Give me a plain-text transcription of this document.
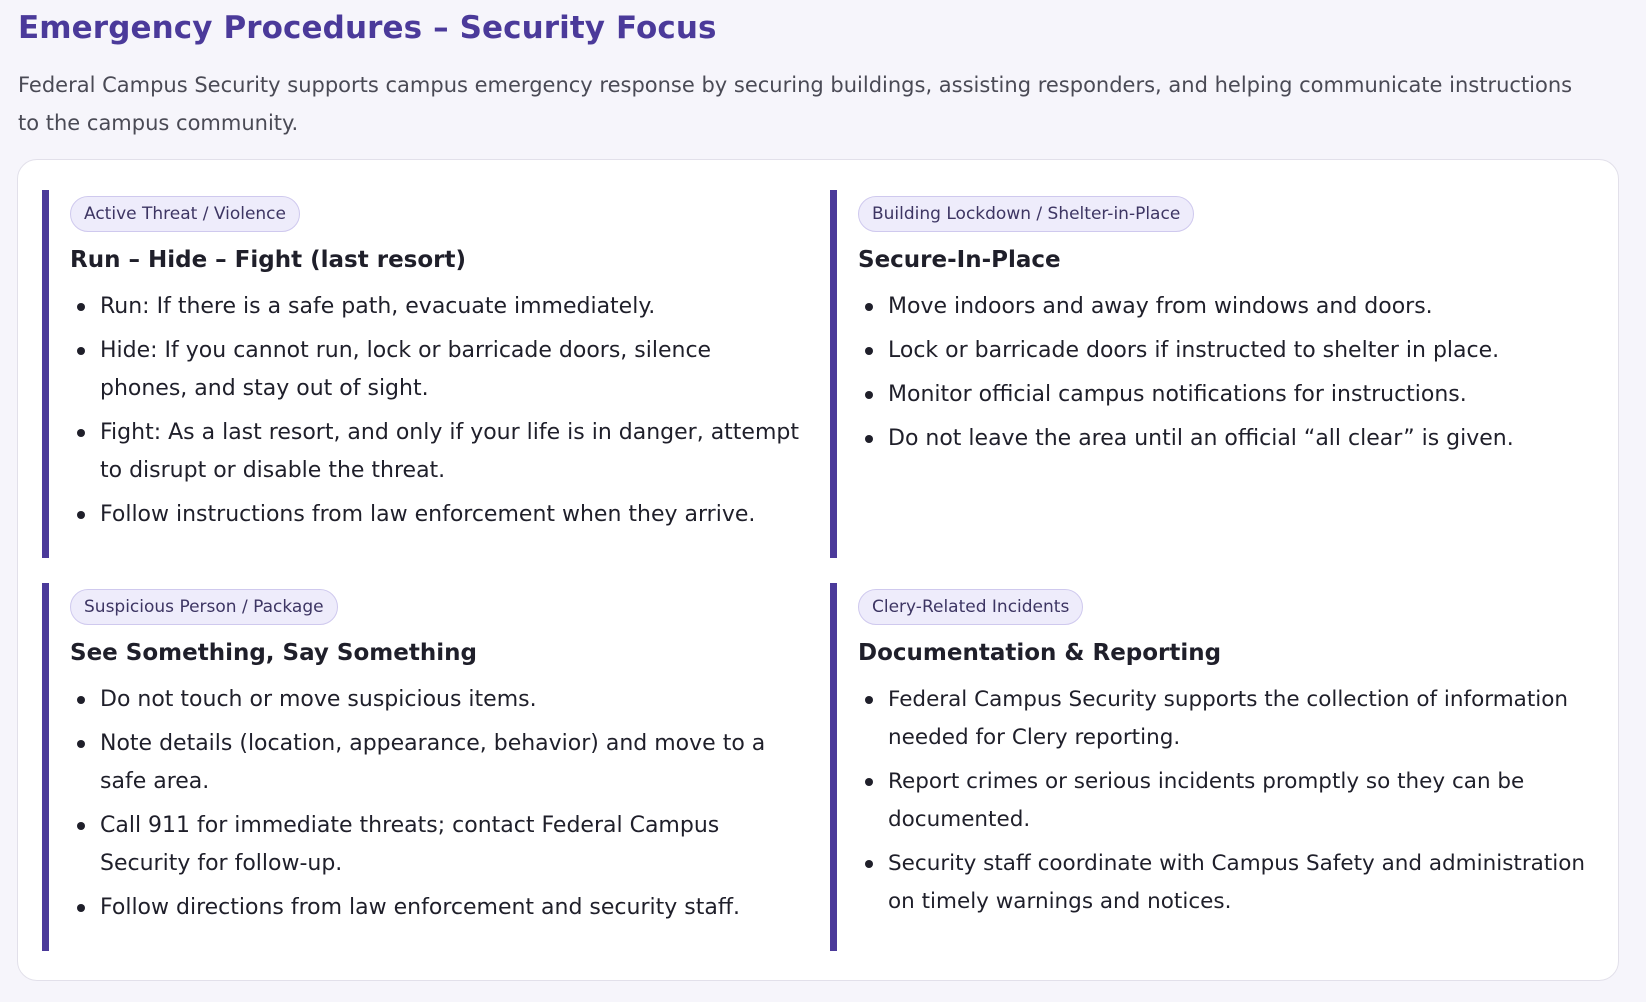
Emergency Procedures – Security Focus

Federal Campus Security supports campus emergency response by securing buildings, assisting responders, and helping communicate instructions to the campus community.

Active Threat / Violence
Run – Hide – Fight (last resort)
Run: If there is a safe path, evacuate immediately.
Hide: If you cannot run, lock or barricade doors, silence phones, and stay out of sight.
Fight: As a last resort, and only if your life is in danger, attempt to disrupt or disable the threat.
Follow instructions from law enforcement when they arrive.
Building Lockdown / Shelter-in-Place
Secure-In-Place
Move indoors and away from windows and doors.
Lock or barricade doors if instructed to shelter in place.
Monitor official campus notifications for instructions.
Do not leave the area until an official “all clear” is given.
Suspicious Person / Package
See Something, Say Something
Do not touch or move suspicious items.
Note details (location, appearance, behavior) and move to a safe area.
Call 911 for immediate threats; contact Federal Campus Security for follow-up.
Follow directions from law enforcement and security staff.
Clery-Related Incidents
Documentation & Reporting
Federal Campus Security supports the collection of information needed for Clery reporting.
Report crimes or serious incidents promptly so they can be documented.
Security staff coordinate with Campus Safety and administration on timely warnings and notices.
